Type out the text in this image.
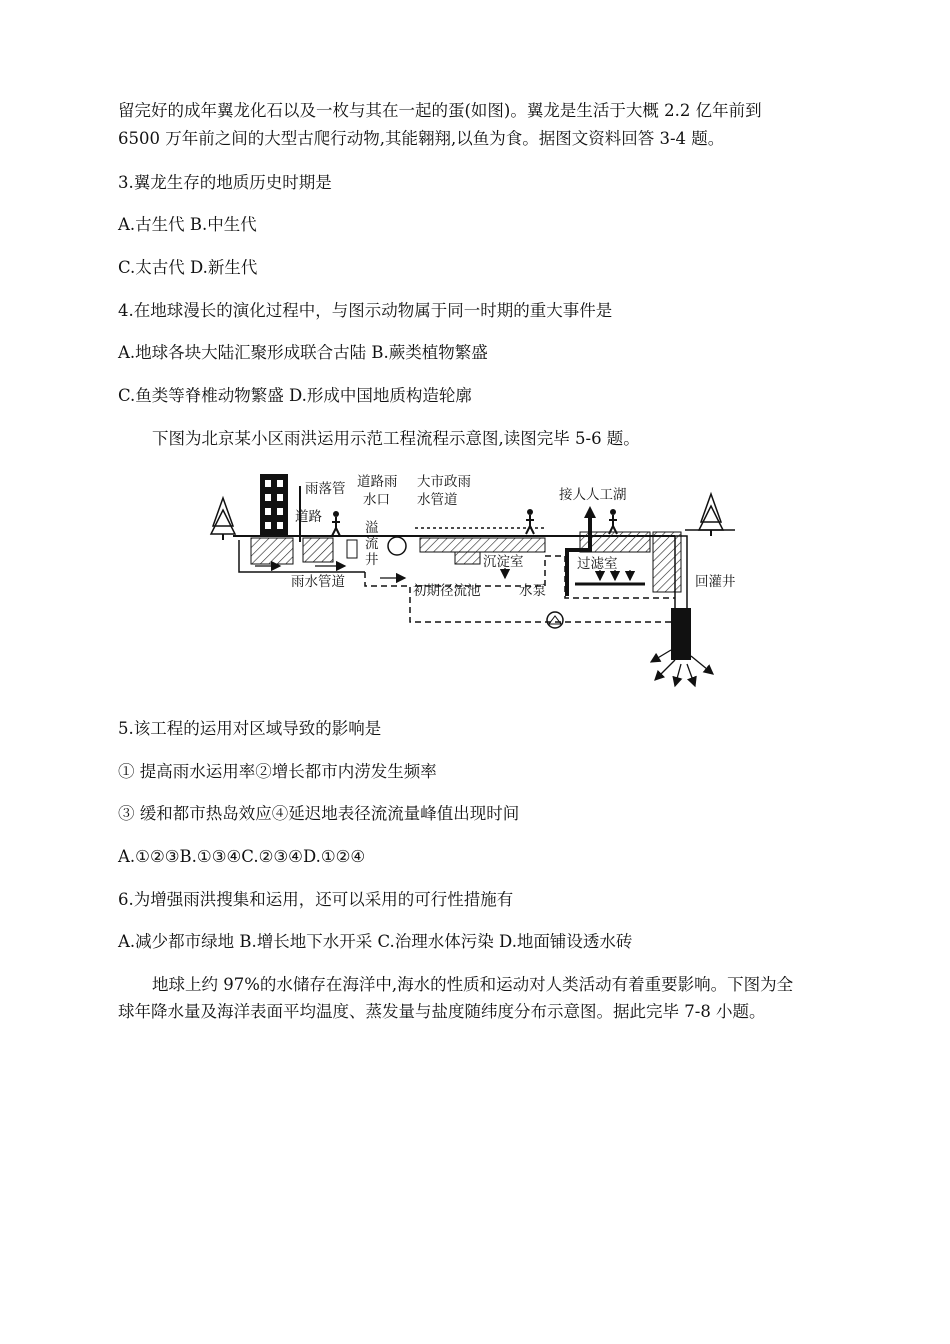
留完好的成年翼龙化石以及一枚与其在一起的蛋(如图)。翼龙是生活于大概 2.2 亿年前到
6500 万年前之间的大型古爬行动物,其能翱翔,以鱼为食。据图文资料回答 3-4 题。
3.翼龙生存的地质历史时期是
A.古生代 B.中生代
C.太古代 D.新生代
4.在地球漫长的演化过程中，与图示动物属于同一时期的重大事件是
A.地球各块大陆汇聚形成联合古陆 B.蕨类植物繁盛
C.鱼类等脊椎动物繁盛 D.形成中国地质构造轮廓
下图为北京某小区雨洪运用示范工程流程示意图,读图完毕 5-6 题。
雨落管
道路
道路雨
水口
溢
流
井
大市政雨
水管道	接人人工湖
沉淀室	过滤室
回灌井
雨水管道
初期径流池	水泵
5.该工程的运用对区域导致的影响是
① 提高雨水运用率②增长都市内涝发生频率
③ 缓和都市热岛效应④延迟地表径流流量峰值出现时间
A.①②③B.①③④C.②③④D.①②④
6.为增强雨洪搜集和运用，还可以采用的可行性措施有
A.减少都市绿地 B.增长地下水开采 C.治理水体污染 D.地面铺设透水砖
地球上约 97%的水储存在海洋中,海水的性质和运动对人类活动有着重要影响。下图为全
球年降水量及海洋表面平均温度、蒸发量与盐度随纬度分布示意图。据此完毕 7-8 小题。
